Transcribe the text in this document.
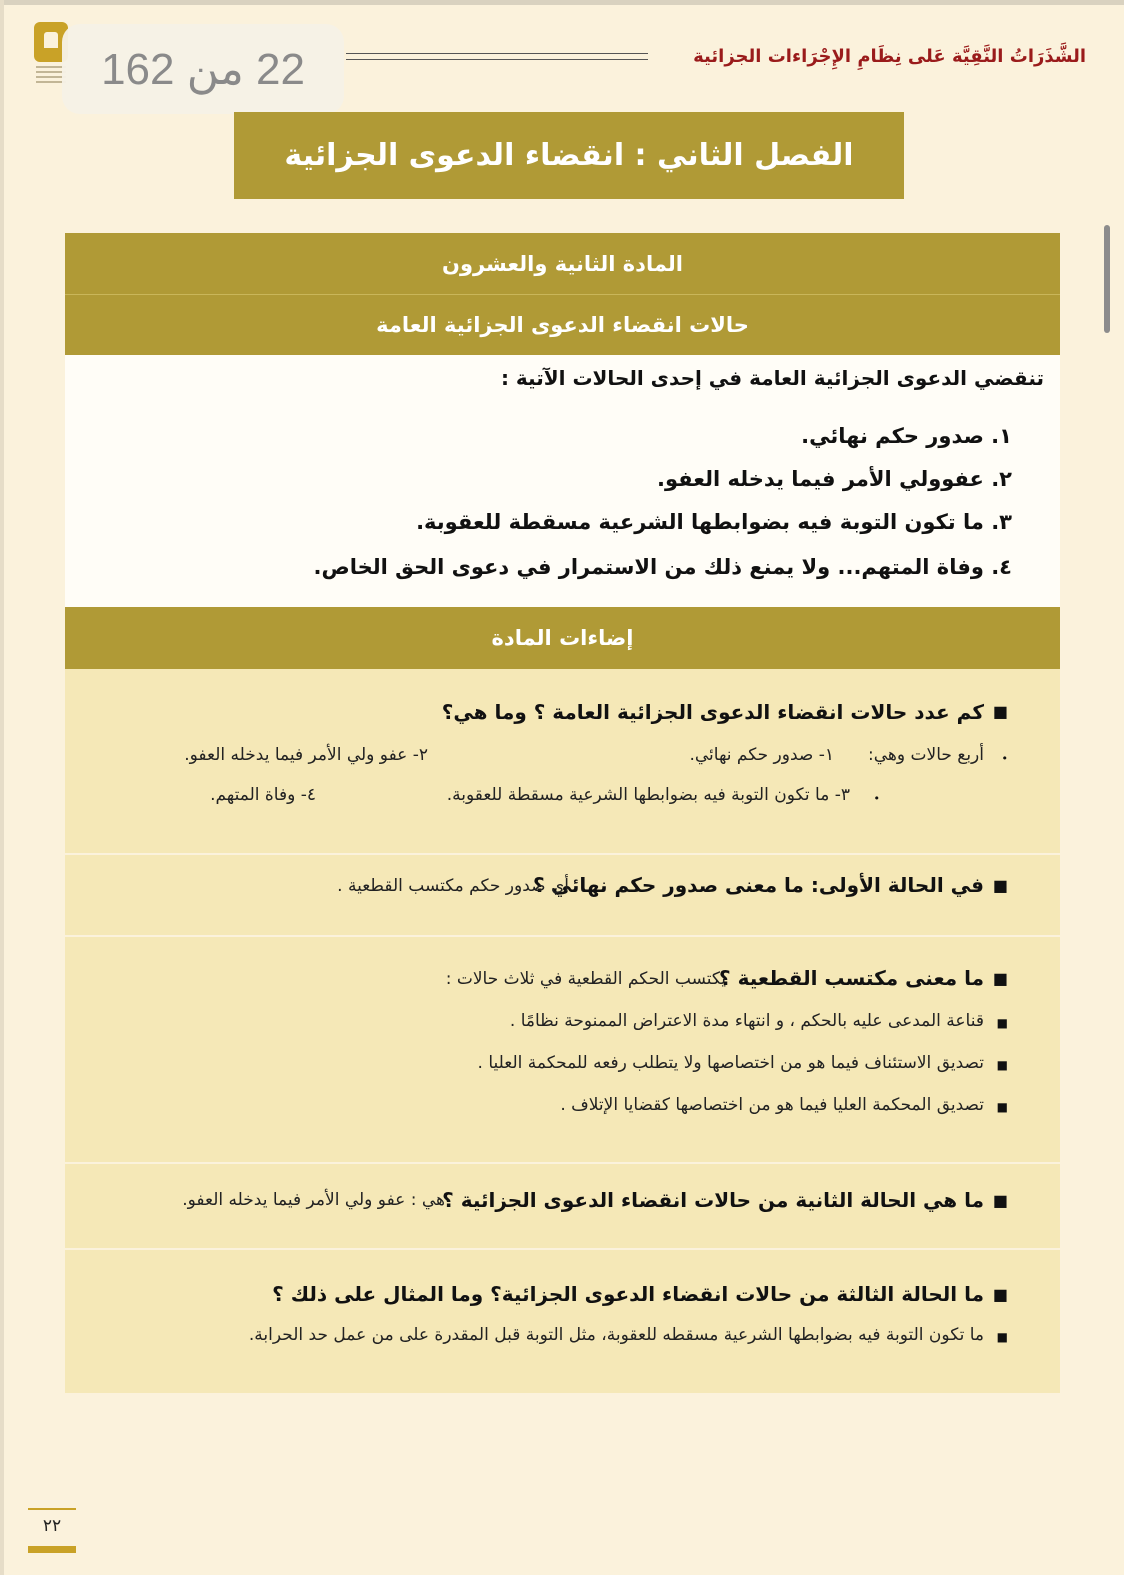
22 من 162	الشَّذَرَاتُ النَّقِيَّة عَلى نِظَامِ الإِجْرَاءات الجزائية
الفصل الثاني : انقضاء الدعوى الجزائية
المادة الثانية والعشرون
حالات انقضاء الدعوى الجزائية العامة
تنقضي الدعوى الجزائية العامة في إحدى الحالات الآتية :
١. صدور حكم نهائي.
٢. عفوولي الأمر فيما يدخله العفو.
٣. ما تكون التوبة فيه بضوابطها الشرعية مسقطة للعقوبة.
٤. وفاة المتهم... ولا يمنع ذلك من الاستمرار في دعوى الحق الخاص.
إضاءات المادة
■
كم عدد حالات انقضاء الدعوى الجزائية العامة ؟ وما هي؟
•
أربع حالات وهي:
١- صدور حكم نهائي.
٢- عفو ولي الأمر فيما يدخله العفو.
•
٣- ما تكون التوبة فيه بضوابطها الشرعية مسقطة للعقوبة.
٤- وفاة المتهم.
■
في الحالة الأولى: ما معنى صدور حكم نهائي ؟
أي صدور حكم مكتسب القطعية .
■
ما معنى مكتسب القطعية ؟
يكتسب الحكم القطعية في ثلاث حالات :
■
قناعة المدعى عليه بالحكم ، و انتهاء مدة الاعتراض الممنوحة نظامًا .
■
تصديق الاستئناف فيما هو من اختصاصها ولا يتطلب رفعه للمحكمة العليا .
■
تصديق المحكمة العليا فيما هو من اختصاصها كقضايا الإتلاف .
■
ما هي الحالة الثانية من حالات انقضاء الدعوى الجزائية ؟
هي : عفو ولي الأمر فيما يدخله العفو.
■
ما الحالة الثالثة من حالات انقضاء الدعوى الجزائية؟ وما المثال على ذلك ؟
■
ما تكون التوبة فيه بضوابطها الشرعية مسقطه للعقوبة، مثل التوبة قبل المقدرة على من عمل حد الحرابة.
٢٢
